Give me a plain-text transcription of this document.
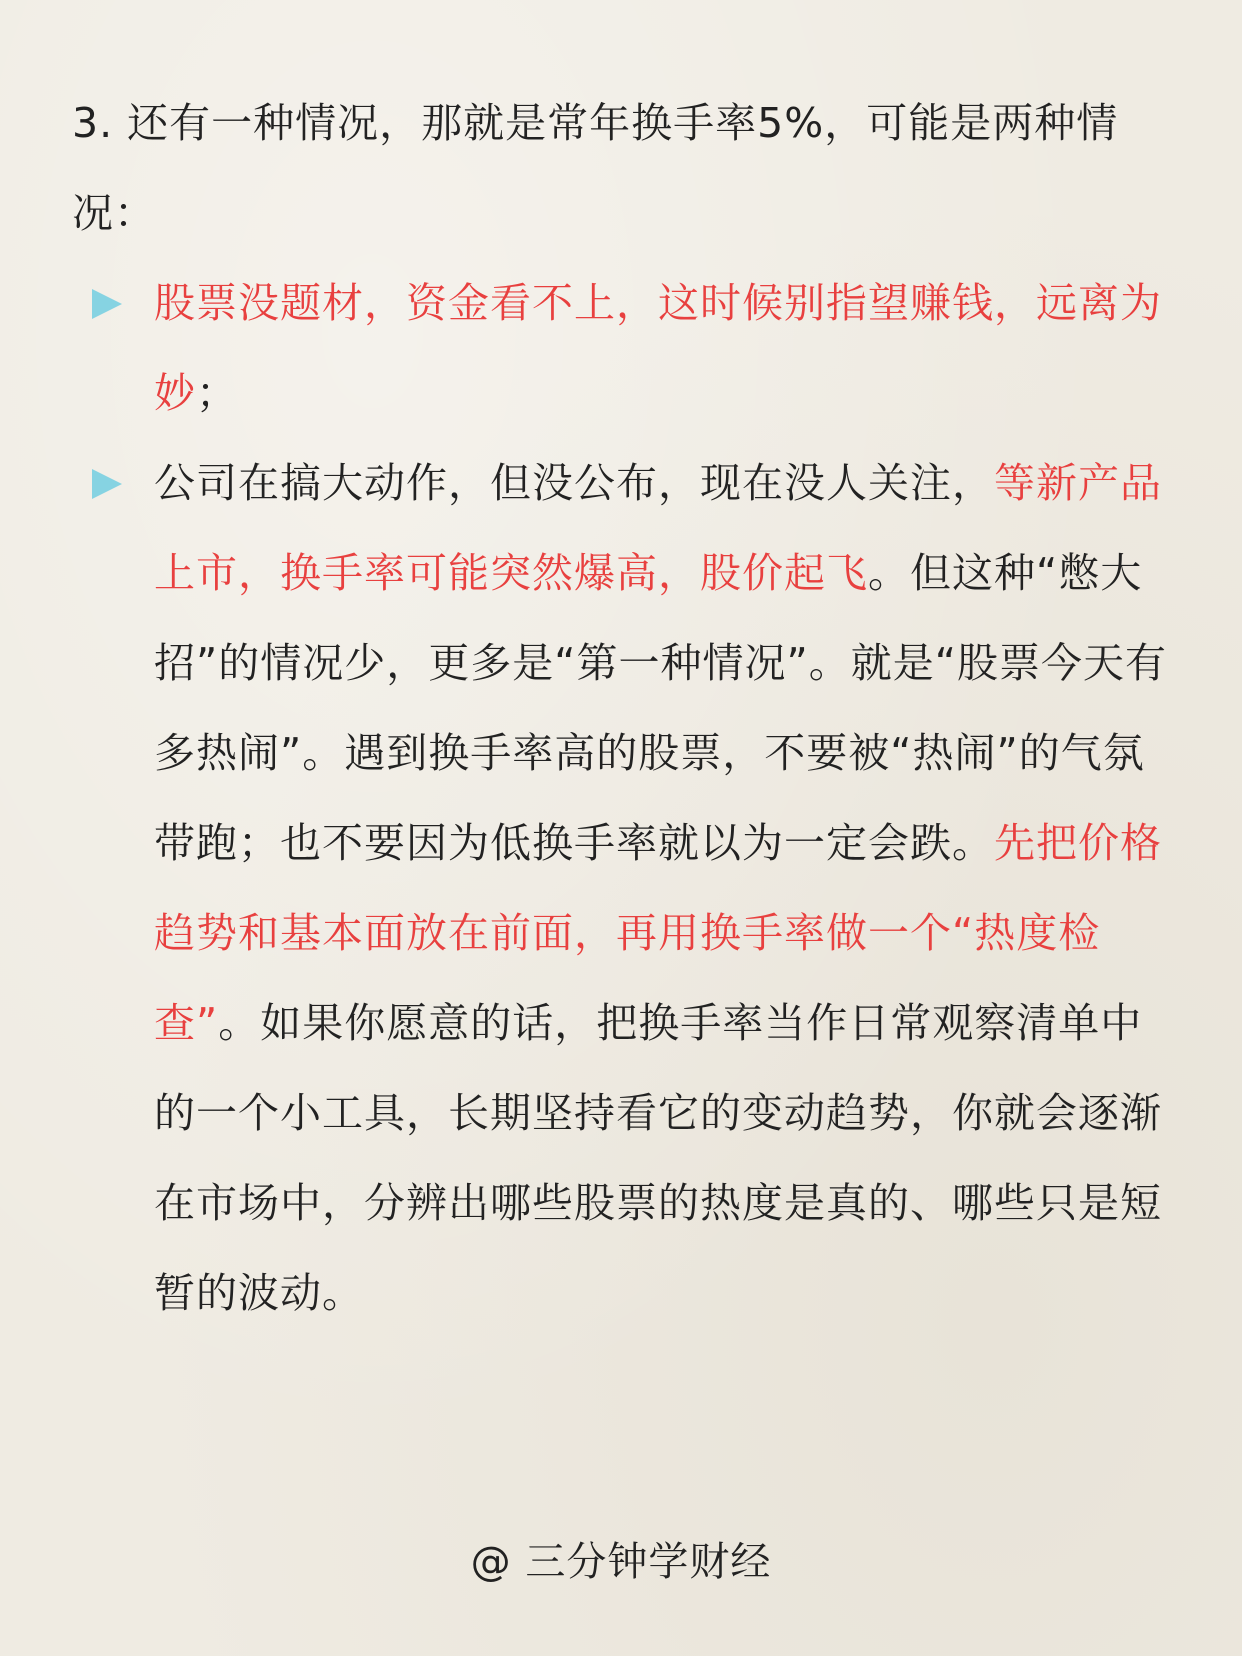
3. 还有一种情况，那就是常年换手率5%，可能是两种情况：

股票没题材，资金看不上，这时候别指望赚钱，远离为妙；
公司在搞大动作，但没公布，现在没人关注，等新产品上市，换手率可能突然爆高，股价起飞。但这种“憋大招”的情况少，更多是“第一种情况”。就是“股票今天有多热闹”。遇到换手率高的股票，不要被“热闹”的气氛带跑；也不要因为低换手率就以为一定会跌。先把价格趋势和基本面放在前面，再用换手率做一个“热度检查”。如果你愿意的话，把换手率当作日常观察清单中的一个小工具，长期坚持看它的变动趋势，你就会逐渐在市场中，分辨出哪些股票的热度是真的、哪些只是短暂的波动。
@ 三分钟学财经
